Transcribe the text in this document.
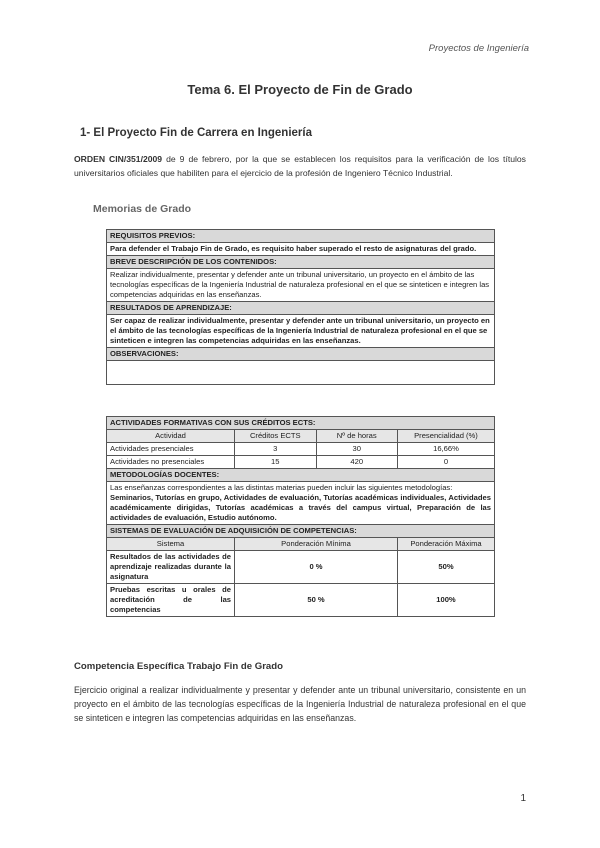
Proyectos de Ingeniería
Tema 6. El Proyecto de Fin de Grado
1- El Proyecto Fin de Carrera en Ingeniería
ORDEN CIN/351/2009 de 9 de febrero, por la que se establecen los requisitos para la verificación de los títulos universitarios oficiales que habiliten para el ejercicio de la profesión de Ingeniero Técnico Industrial.
Memorias de Grado
REQUISITOS PREVIOS:
Para defender el Trabajo Fin de Grado, es requisito haber superado el resto de asignaturas del grado.
BREVE DESCRIPCIÓN DE LOS CONTENIDOS:
Realizar individualmente, presentar y defender ante un tribunal universitario, un proyecto en el ámbito de las tecnologías específicas de la Ingeniería Industrial de naturaleza profesional en el que se sinteticen e integren las competencias adquiridas en las enseñanzas.
RESULTADOS DE APRENDIZAJE:
Ser capaz de realizar individualmente, presentar y defender ante un tribunal universitario, un proyecto en el ámbito de las tecnologías específicas de la Ingeniería Industrial de naturaleza profesional en el que se sinteticen e integren las competencias adquiridas en las enseñanzas.
OBSERVACIONES:

ACTIVIDADES FORMATIVAS CON SUS CRÉDITOS ECTS:			
Actividad	Créditos ECTS	Nº de horas	Presencialidad (%)
Actividades presenciales	3	30	16,66%
Actividades no presenciales	15	420	0
METODOLOGÍAS DOCENTES:			

Las enseñanzas correspondientes a las distintas materias pueden incluir las siguientes metodologías:
Seminarios, Tutorías en grupo, Actividades de evaluación, Tutorías académicas individuales, Actividades académicamente dirigidas, Tutorías académicas a través del campus virtual, Preparación de las actividades de evaluación, Estudio autónomo.			

SISTEMAS DE EVALUACIÓN DE ADQUISICIÓN DE COMPETENCIAS:			
Sistema	Ponderación Mínima		Ponderación Máxima
Resultados de las actividades de aprendizaje realizadas durante la asignatura	0 %		50%
Pruebas escritas u orales de acreditación de las competencias	50 %		100%
Competencia Específica Trabajo Fin de Grado
Ejercicio original a realizar individualmente y presentar y defender ante un tribunal universitario, consistente en un proyecto en el ámbito de las tecnologías específicas de la Ingeniería Industrial de naturaleza profesional en el que se sinteticen e integren las competencias adquiridas en las enseñanzas.
1
